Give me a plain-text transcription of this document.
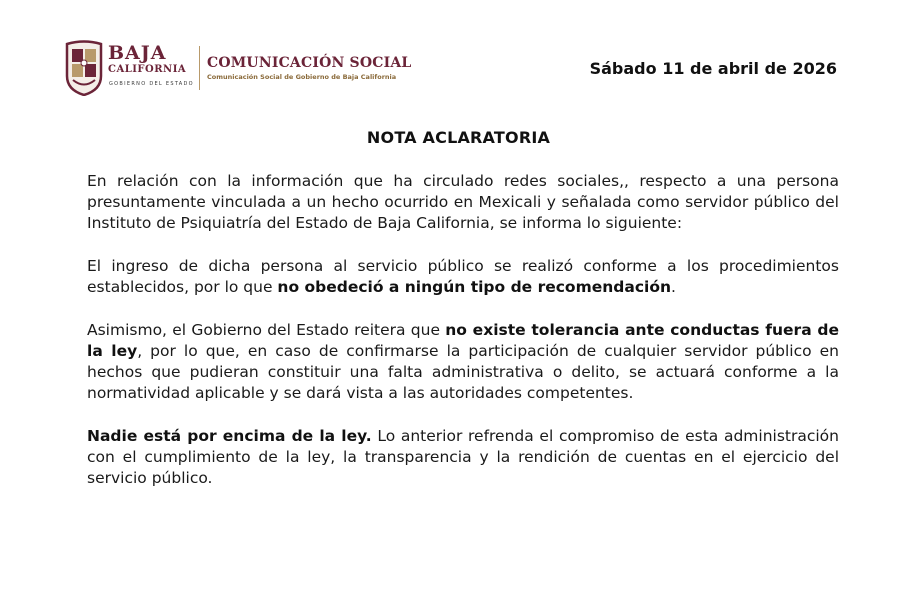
BAJA
CALIFORNIA
GOBIERNO DEL ESTADO
COMUNICACIÓN SOCIAL
Comunicación Social de Gobierno de Baja California	Sábado 11 de abril de 2026
NOTA ACLARATORIA

En relación con la información que ha circulado redes sociales,, respecto a una persona presuntamente vinculada a un hecho ocurrido en Mexicali y señalada como servidor público del Instituto de Psiquiatría del Estado de Baja California, se informa lo siguiente:

El ingreso de dicha persona al servicio público se realizó conforme a los procedimientos establecidos, por lo que no obedeció a ningún tipo de recomendación.

Asimismo, el Gobierno del Estado reitera que no existe tolerancia ante conductas fuera de la ley, por lo que, en caso de confirmarse la participación de cualquier servidor público en hechos que pudieran constituir una falta administrativa o delito, se actuará conforme a la normatividad aplicable y se dará vista a las autoridades competentes.

Nadie está por encima de la ley. Lo anterior refrenda el compromiso de esta administración con el cumplimiento de la ley, la transparencia y la rendición de cuentas en el ejercicio del servicio público.
